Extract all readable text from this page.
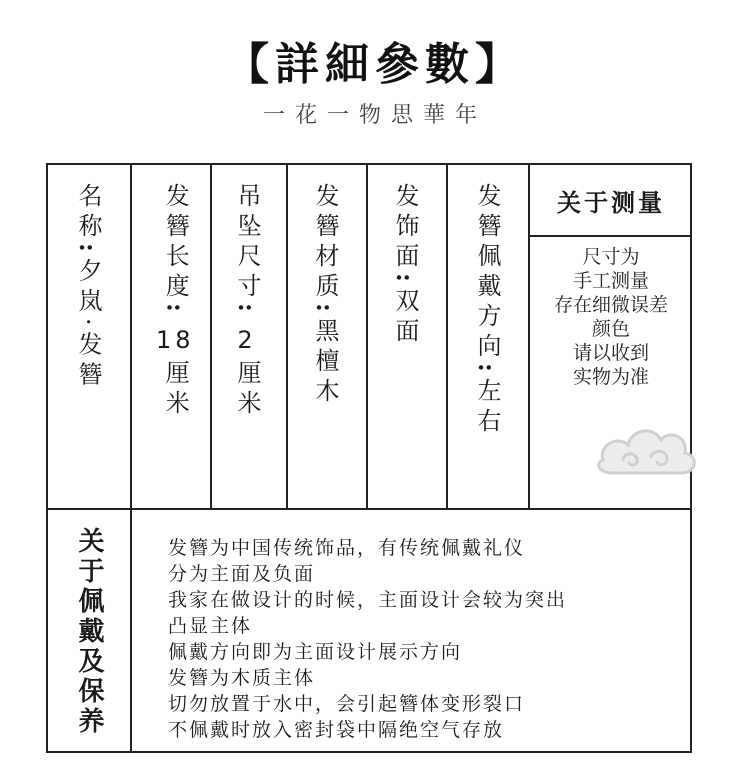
【詳細參數】
一花一物思華年
名称
:
夕岚·发簪
发簪长度
:
18
厘米
吊坠尺寸
:
2
厘米
发簪材质
:
黑檀木
发饰面
:
双面 发簪佩戴方向
:
左右
关于测量
尺寸为
手工测量
存在细微误差
颜色
请以收到
实物为准
关于佩戴及保养	发簪为中国传统饰品，有传统佩戴礼仪
分为主面及负面
我家在做设计的时候，主面设计会较为突出
凸显主体
佩戴方向即为主面设计展示方向
发簪为木质主体
切勿放置于水中，会引起簪体变形裂口
不佩戴时放入密封袋中隔绝空气存放
